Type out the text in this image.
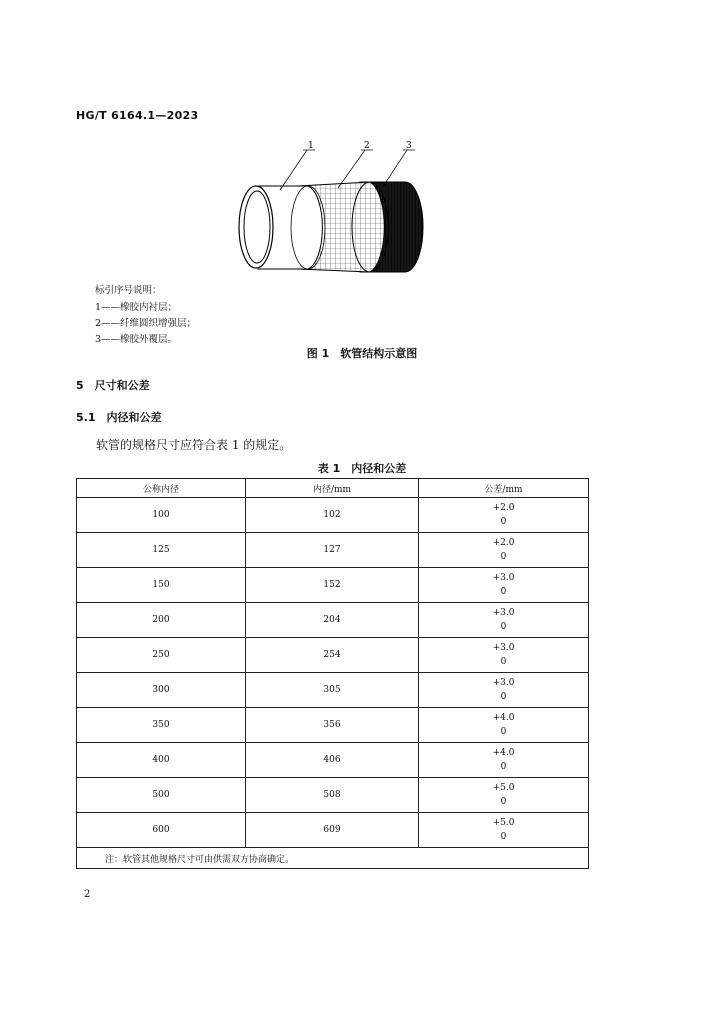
HG/T 6164.1—2023
1	2	3
标引序号说明：
1——橡胶内衬层；
2——纤维圆织增强层；
3——橡胶外覆层。
图 1　软管结构示意图
5　尺寸和公差
5.1　内径和公差
软管的规格尺寸应符合表 1 的规定。
表 1　内径和公差
公称内径	内径/mm	公差/mm
100	102	+2.0
0

125	127	+2.0
0

150	152	+3.0
0

200	204	+3.0
0

250	254	+3.0
0

300	305	+3.0
0

350	356	+4.0
0

400	406	+4.0
0

500	508	+5.0
0

600	609	+5.0
0

注：软管其他规格尺寸可由供需双方协商确定。		
2
